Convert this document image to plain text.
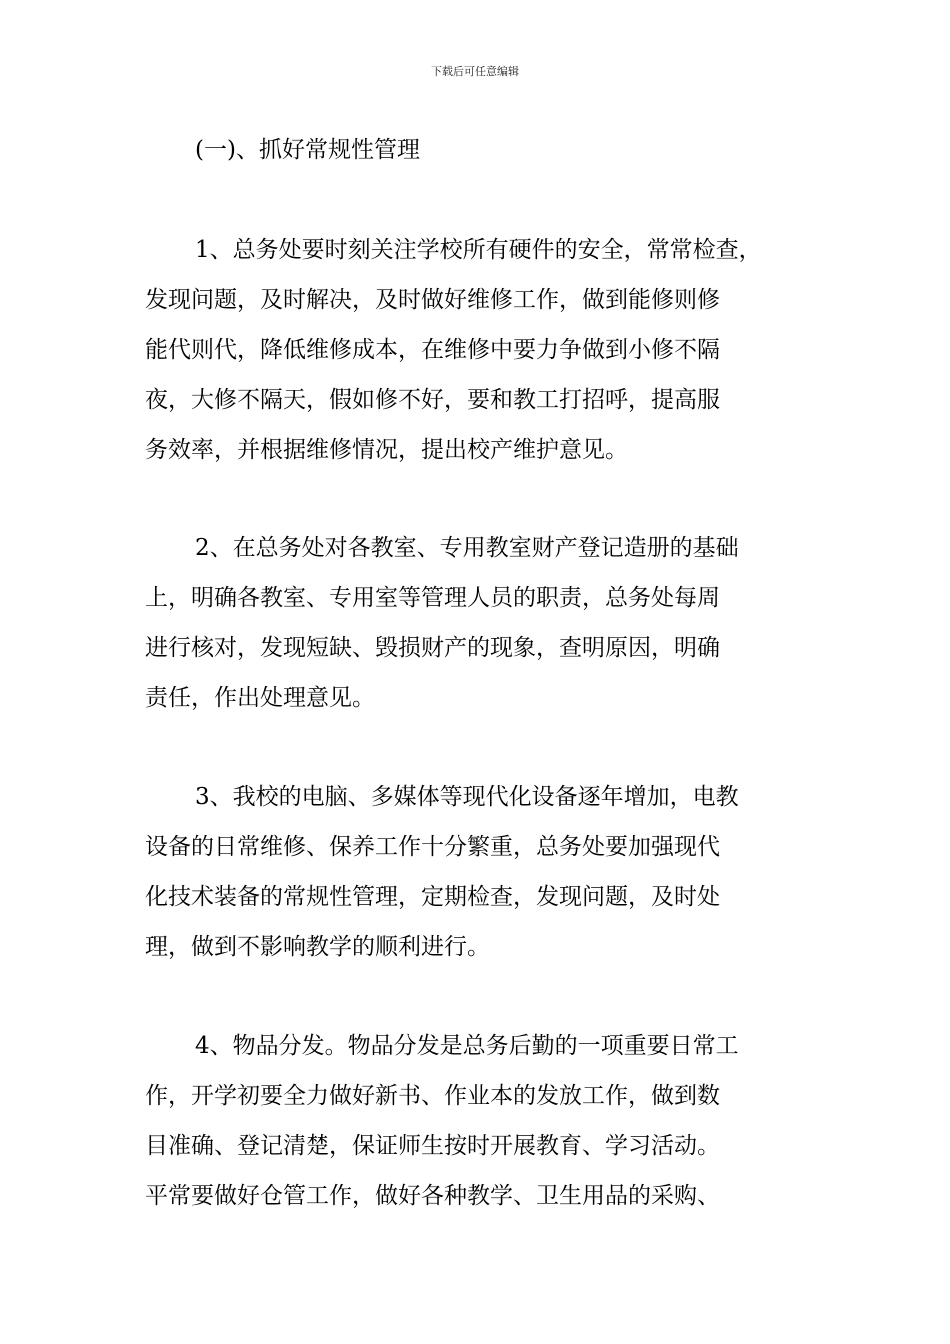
下载后可任意编辑
(一)、抓好常规性管理
1、总务处要时刻关注学校所有硬件的安全，常常检查，
发现问题，及时解决，及时做好维修工作，做到能修则修
能代则代，降低维修成本，在维修中要力争做到小修不隔
夜，大修不隔天，假如修不好，要和教工打招呼，提高服
务效率，并根据维修情况，提出校产维护意见。
2、在总务处对各教室、专用教室财产登记造册的基础
上，明确各教室、专用室等管理人员的职责，总务处每周
进行核对，发现短缺、毁损财产的现象，查明原因，明确
责任，作出处理意见。
3、我校的电脑、多媒体等现代化设备逐年增加，电教
设备的日常维修、保养工作十分繁重，总务处要加强现代
化技术装备的常规性管理，定期检查，发现问题，及时处
理，做到不影响教学的顺利进行。
4、物品分发。物品分发是总务后勤的一项重要日常工
作，开学初要全力做好新书、作业本的发放工作，做到数
目准确、登记清楚，保证师生按时开展教育、学习活动。
平常要做好仓管工作，做好各种教学、卫生用品的采购、
